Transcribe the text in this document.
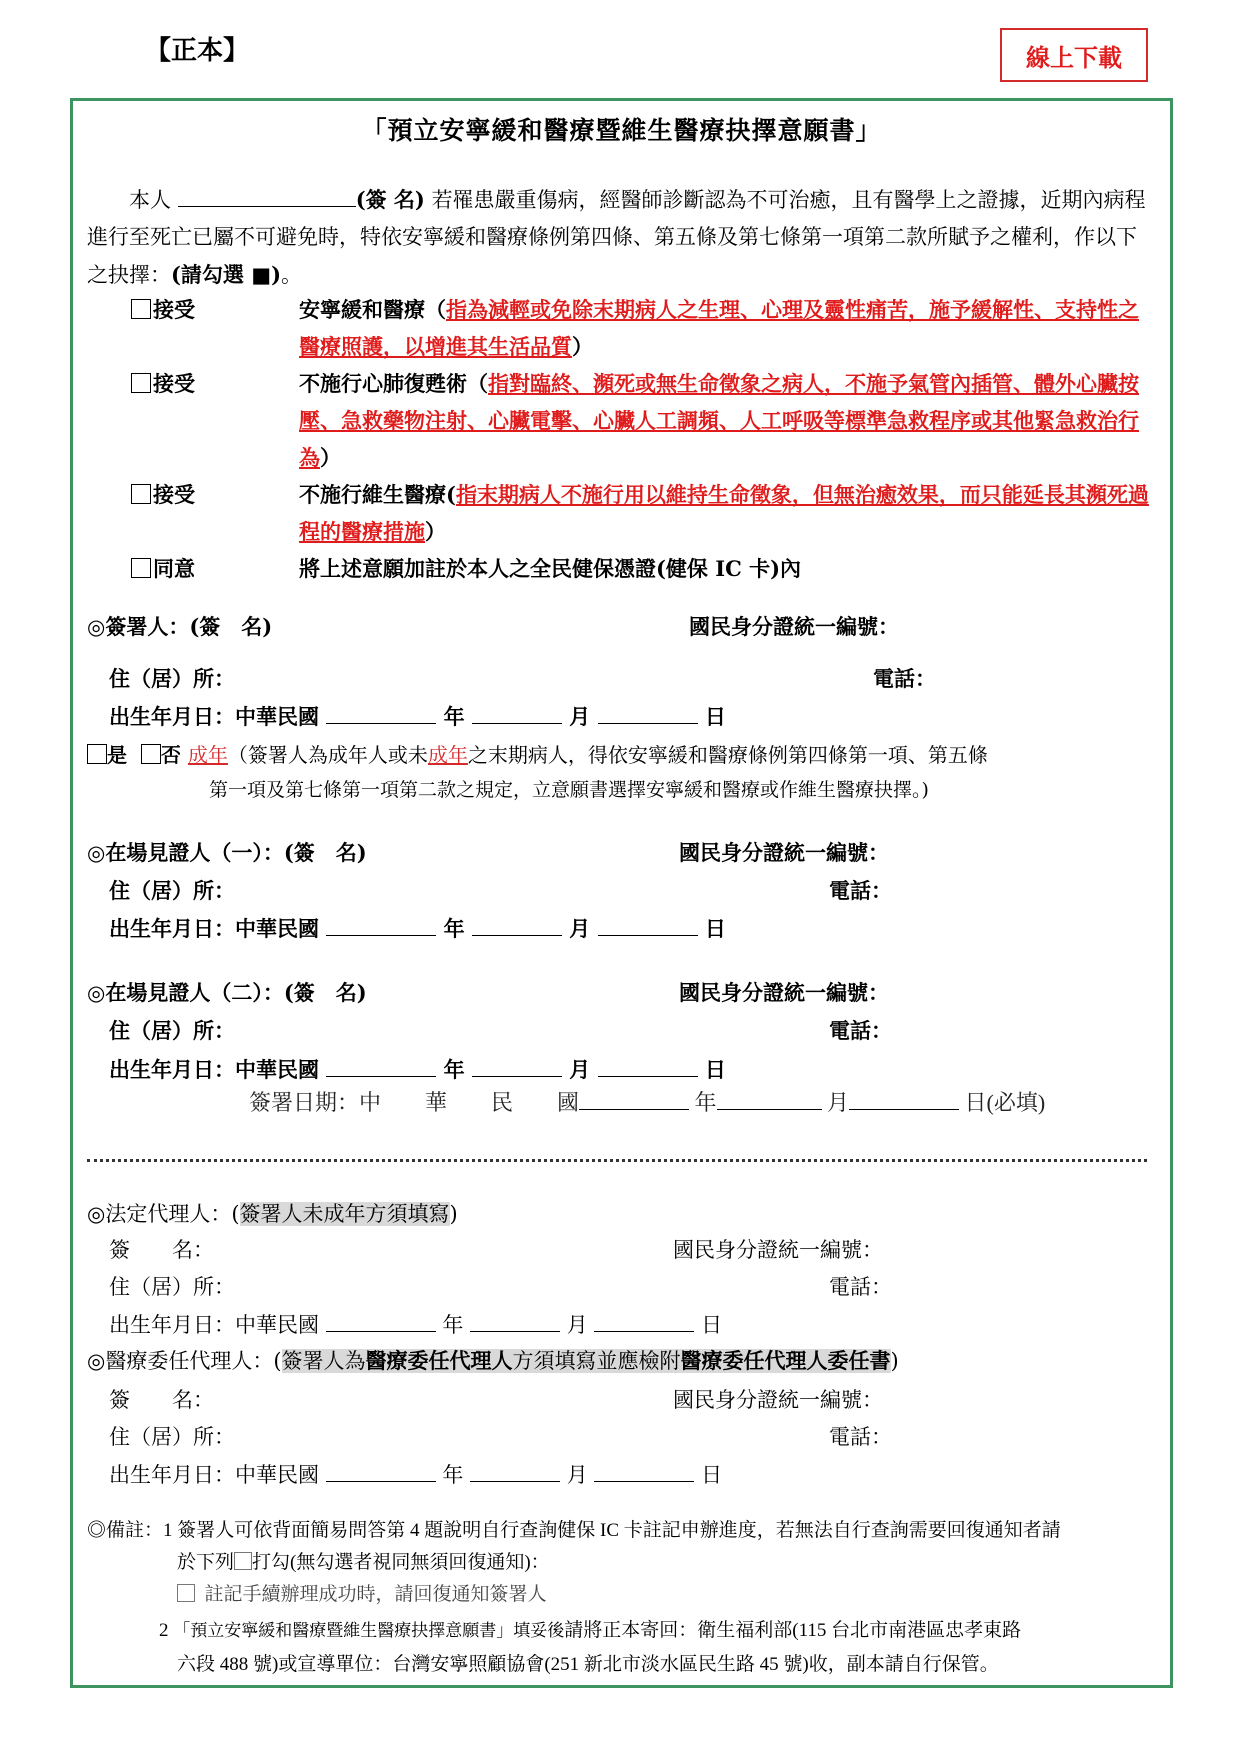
【正本】	線上下載
「預立安寧緩和醫療暨維生醫療抉擇意願書」
本人	(簽 名) 若罹患嚴重傷病，經醫師診斷認為不可治癒，且有醫學上之證據，近期內病程進行至死亡已屬不可避免時，特依安寧緩和醫療條例第四條、第五條及第七條第一項第二款所賦予之權利，作以下之抉擇：(請勾選 ■)。
接受	安寧緩和醫療（指為減輕或免除末期病人之生理、心理及靈性痛苦，施予緩解性、支持性之醫療照護，以增進其生活品質）
接受	不施行心肺復甦術（指對臨終、瀕死或無生命徵象之病人，不施予氣管內插管、體外心臟按壓、急救藥物注射、心臟電擊、心臟人工調頻、人工呼吸等標準急救程序或其他緊急救治行為）
接受	不施行維生醫療(指末期病人不施行用以維持生命徵象，但無治癒效果，而只能延長其瀕死過程的醫療措施）
同意	將上述意願加註於本人之全民健保憑證(健保 IC 卡)內
◎簽署人：(簽　名)	國民身分證統一編號：
住（居）所：	電話：
出生年月日：中華民國	年	月	日
是 否 成年（簽署人為成年人或未成年之末期病人，得依安寧緩和醫療條例第四條第一項、第五條
第一項及第七條第一項第二款之規定，立意願書選擇安寧緩和醫療或作維生醫療抉擇。)
◎在場見證人（一）：(簽　名)	國民身分證統一編號：
住（居）所：	電話：
出生年月日：中華民國	年	月	日
◎在場見證人（二）：(簽　名)	國民身分證統一編號：
住（居）所：	電話：
出生年月日：中華民國	年	月	日
簽署日期：中　　華　　民　　國	年	月	日(必填)
◎法定代理人：(簽署人未成年方須填寫)
簽　　名：	國民身分證統一編號：
住（居）所：	電話：
出生年月日：中華民國	年	月	日
◎醫療委任代理人：(簽署人為醫療委任代理人方須填寫並應檢附醫療委任代理人委任書)
簽　　名：	國民身分證統一編號：
住（居）所：	電話：
出生年月日：中華民國	年	月	日
◎備註：1 簽署人可依背面簡易問答第 4 題說明自行查詢健保 IC 卡註記申辦進度，若無法自行查詢需要回復通知者請
於下列 打勾(無勾選者視同無須回復通知)：
註記手續辦理成功時，請回復通知簽署人
2 「預立安寧緩和醫療暨維生醫療抉擇意願書」填妥後請將正本寄回：衛生福利部(115 台北市南港區忠孝東路
六段 488 號)或宣導單位：台灣安寧照顧協會(251 新北市淡水區民生路 45 號)收，副本請自行保管。
